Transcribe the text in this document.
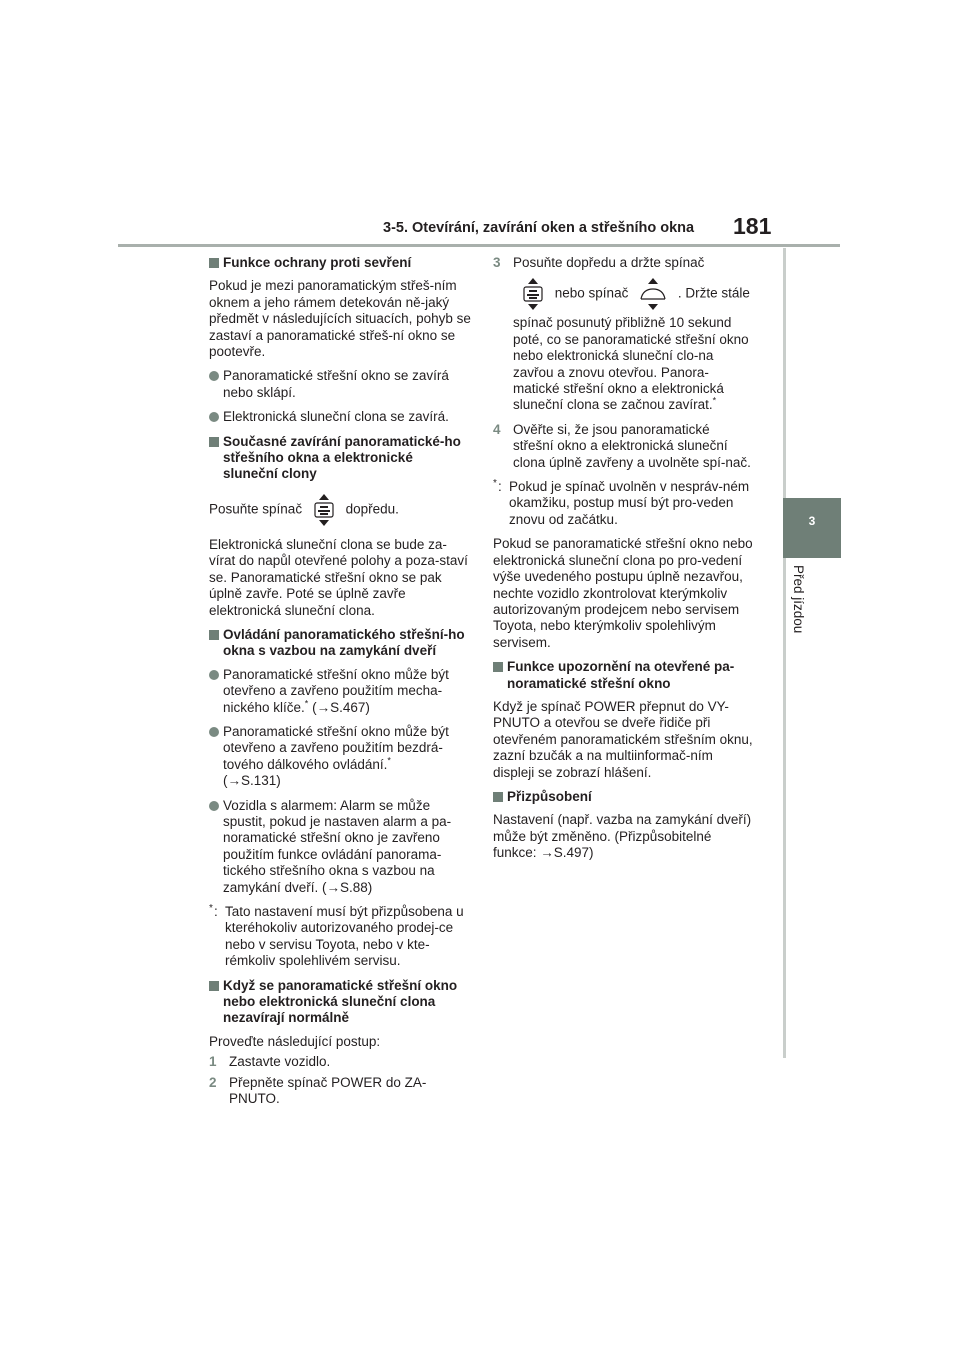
3-5. Otevírání, zavírání oken a střešního okna 181
3
Před jízdou
Funkce ochrany proti sevření

Pokud je mezi panoramatickým střeš-ním oknem a jeho rámem detekován ně-jaký předmět v následujících situacích, pohyb se zastaví a panoramatické střeš-ní okno se pootevře.

Panoramatické střešní okno se zavírá nebo sklápí.
Elektronická sluneční clona se zavírá.
Současné zavírání panoramatické-ho střešního okna a elektronické sluneční clony

Posuňte spínač	dopředu.

Elektronická sluneční clona se bude za-vírat do napůl otevřené polohy a poza-staví se. Panoramatické střešní okno se pak úplně zavře. Poté se úplně zavře elektronická sluneční clona.

Ovládání panoramatického střešní-ho okna s vazbou na zamykání dveří
Panoramatické střešní okno může být otevřeno a zavřeno použitím mecha-nického klíče.* (→S.467)
Panoramatické střešní okno může být otevřeno a zavřeno použitím bezdrá-tového dálkového ovládání.*
(→S.131)
Vozidla s alarmem: Alarm se může spustit, pokud je nastaven alarm a pa-noramatické střešní okno je zavřeno použitím funkce ovládání panorama-tického střešního okna s vazbou na zamykání dveří. (→S.88)
* : Tato nastavení musí být přizpůsobena u kteréhokoliv autorizovaného prodej-ce nebo v servisu Toyota, nebo v kte-rémkoliv spolehlivém servisu.
Když se panoramatické střešní okno nebo elektronická sluneční clona nezavírají normálně

Proveďte následující postup:

1 Zastavte vozidlo.
2 Přepněte spínač POWER do ZA-PNUTO.
3 Posuňte dopředu a držte spínač
nebo spínač	. Držte stále
spínač posunutý přibližně 10 sekund poté, co se panoramatické střešní okno nebo elektronická sluneční clo-na zavřou a znovu otevřou. Panora-matické střešní okno a elektronická sluneční clona se začnou zavírat.*
4 Ověřte si, že jsou panoramatické střešní okno a elektronická sluneční clona úplně zavřeny a uvolněte spí-nač.
* : Pokud je spínač uvolněn v nespráv-ném okamžiku, postup musí být pro-veden znovu od začátku.

Pokud se panoramatické střešní okno nebo elektronická sluneční clona po pro-vedení výše uvedeného postupu úplně nezavřou, nechte vozidlo zkontrolovat kterýmkoliv autorizovaným prodejcem nebo servisem Toyota, nebo kterýmkoliv spolehlivým servisem.

Funkce upozornění na otevřené pa-noramatické střešní okno

Když je spínač POWER přepnut do VY-PNUTO a otevřou se dveře řidiče při otevřeném panoramatickém střešním oknu, zazní bzučák a na multiinformač-ním displeji se zobrazí hlášení.

Přizpůsobení

Nastavení (např. vazba na zamykání dveří) může být změněno. (Přizpůsobitelné funkce: →S.497)
